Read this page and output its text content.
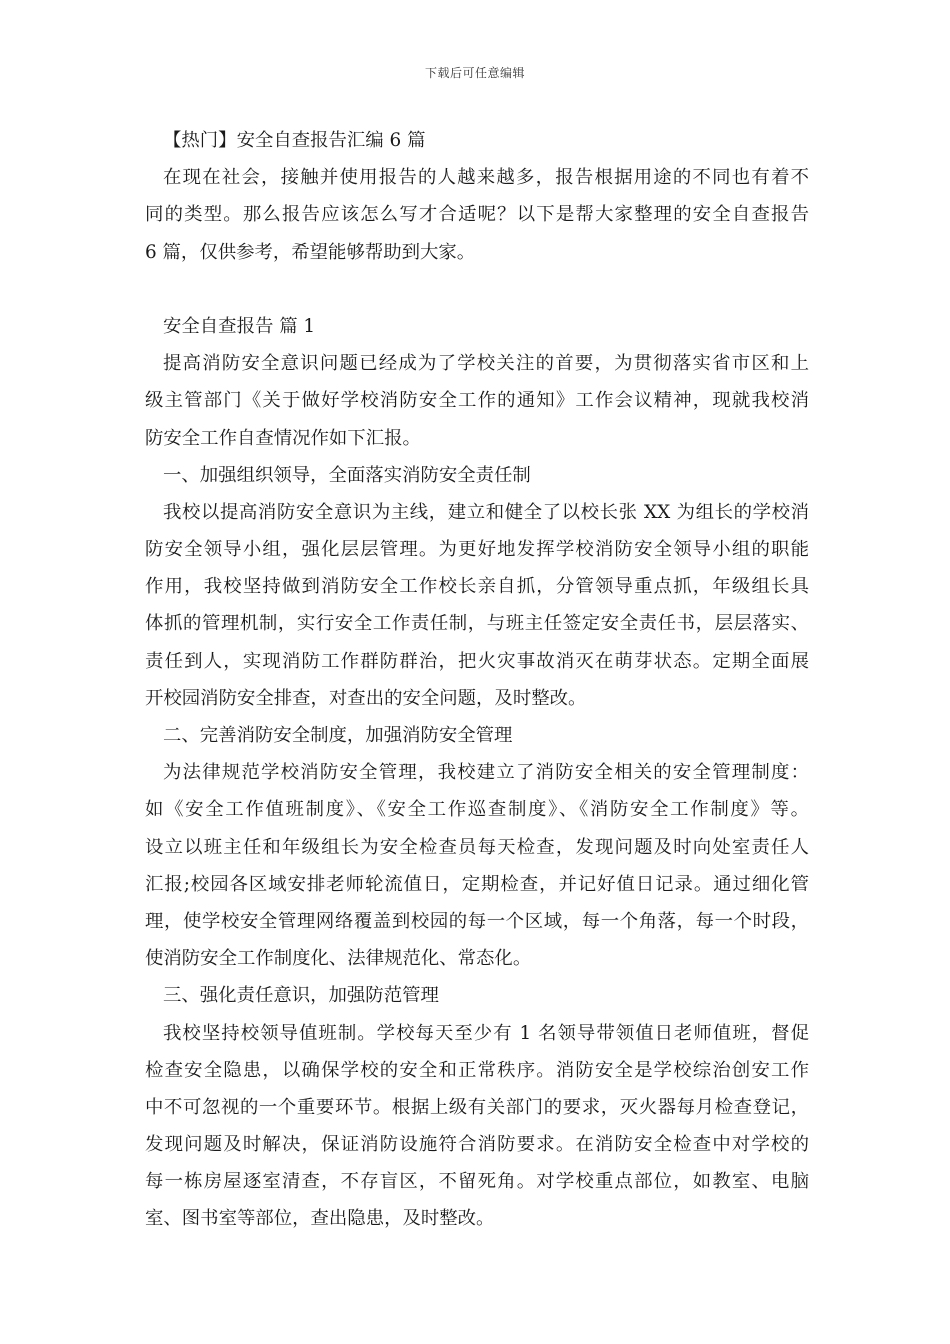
下载后可任意编辑
【热门】安全自查报告汇编 6 篇
在现在社会，接触并使用报告的人越来越多，报告根据用途的不同也有着不
同的类型。那么报告应该怎么写才合适呢？以下是帮大家整理的安全自查报告
6 篇，仅供参考，希望能够帮助到大家。
安全自查报告 篇 1
提高消防安全意识问题已经成为了学校关注的首要，为贯彻落实省市区和上
级主管部门《关于做好学校消防安全工作的通知》工作会议精神，现就我校消
防安全工作自查情况作如下汇报。
一、加强组织领导，全面落实消防安全责任制
我校以提高消防安全意识为主线，建立和健全了以校长张 XX 为组长的学校消
防安全领导小组，强化层层管理。为更好地发挥学校消防安全领导小组的职能
作用，我校坚持做到消防安全工作校长亲自抓，分管领导重点抓，年级组长具
体抓的管理机制，实行安全工作责任制，与班主任签定安全责任书，层层落实、
责任到人，实现消防工作群防群治，把火灾事故消灭在萌芽状态。定期全面展
开校园消防安全排查，对查出的安全问题，及时整改。
二、完善消防安全制度，加强消防安全管理
为法律规范学校消防安全管理，我校建立了消防安全相关的安全管理制度：
如《安全工作值班制度》、《安全工作巡查制度》、《消防安全工作制度》等。
设立以班主任和年级组长为安全检查员每天检查，发现问题及时向处室责任人
汇报;校园各区域安排老师轮流值日，定期检查，并记好值日记录。通过细化管
理，使学校安全管理网络覆盖到校园的每一个区域，每一个角落，每一个时段，
使消防安全工作制度化、法律规范化、常态化。
三、强化责任意识，加强防范管理
我校坚持校领导值班制。学校每天至少有 1 名领导带领值日老师值班，督促
检查安全隐患，以确保学校的安全和正常秩序。消防安全是学校综治创安工作
中不可忽视的一个重要环节。根据上级有关部门的要求，灭火器每月检查登记，
发现问题及时解决，保证消防设施符合消防要求。在消防安全检查中对学校的
每一栋房屋逐室清查，不存盲区，不留死角。对学校重点部位，如教室、电脑
室、图书室等部位，查出隐患，及时整改。
